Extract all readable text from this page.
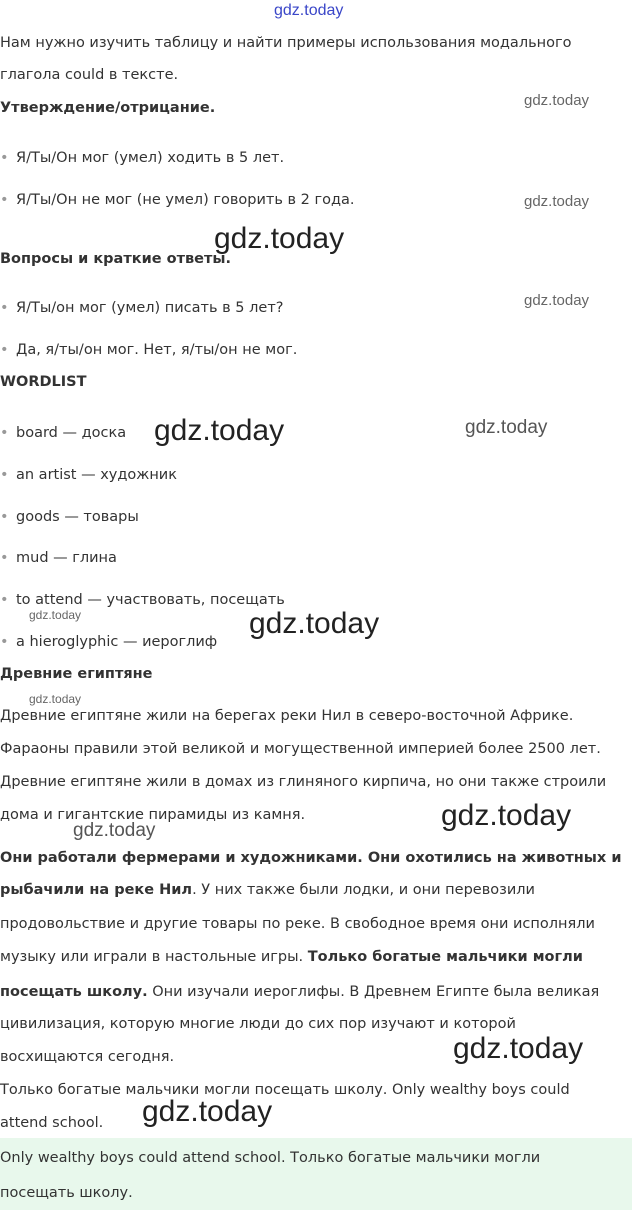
gdz.today

Нам нужно изучить таблицу и найти примеры использования модального

глагола could в тексте.

Утверждение/отрицание.
• Я/Ты/Он мог (умел) ходить в 5 лет.
• Я/Ты/Он не мог (не умел) говорить в 2 года.
Вопросы и краткие ответы.
• Я/Ты/он мог (умел) писать в 5 лет?
• Да, я/ты/он мог. Нет, я/ты/он не мог.
WORDLIST
• board — доска
• an artist — художник
• goods — товары
• mud — глина
• to attend — участвовать, посещать
• a hieroglyphic — иероглиф
Древние египтяне

Древние египтяне жили на берегах реки Нил в северо-восточной Африке.

Фараоны правили этой великой и могущественной империей более 2500 лет.

Древние египтяне жили в домах из глиняного кирпича, но они также строили

дома и гигантские пирамиды из камня.

Они работали фермерами и художниками. Они охотились на животных и

рыбачили на реке Нил. У них также были лодки, и они перевозили

продовольствие и другие товары по реке. В свободное время они исполняли

музыку или играли в настольные игры. Только богатые мальчики могли

посещать школу. Они изучали иероглифы. В Древнем Египте была великая

цивилизация, которую многие люди до сих пор изучают и которой

восхищаются сегодня.

Только богатые мальчики могли посещать школу. Only wealthy boys could

attend school.

Only wealthy boys could attend school. Только богатые мальчики могли
посещать школу.
gdz.today
gdz.today
gdz.today
gdz.today
gdz.today	gdz.today
gdz.today	gdz.today
gdz.today
gdz.today
gdz.today
gdz.today
gdz.today
